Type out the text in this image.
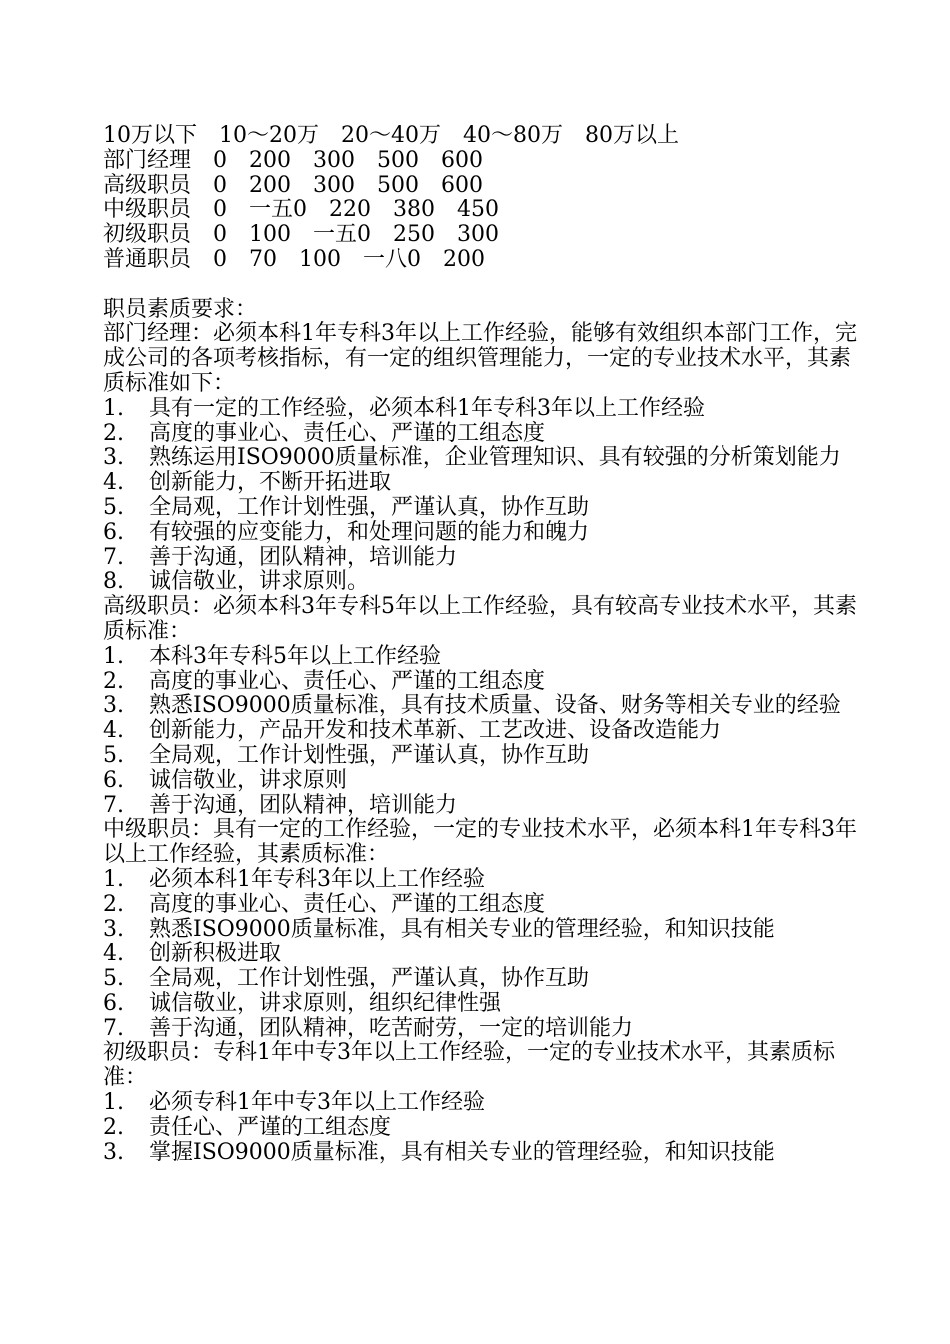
10万以下　10～20万　20～40万　40～80万　80万以上

部门经理　0　200　300　500　600

高级职员　0　200　300　500　600

中级职员　0　一五0　220　380　450

初级职员　0　100　一五0　250　300

普通职员　0　70　100　一八0　200

职员素质要求：

部门经理：必须本科1年专科3年以上工作经验，能够有效组织本部门工作，完成公司的各项考核指标，有一定的组织管理能力，一定的专业技术水平，其素质标准如下：

1.	具有一定的工作经验，必须本科1年专科3年以上工作经验
2.	高度的事业心、责任心、严谨的工组态度
3. 熟练运用ISO9000质量标准，企业管理知识、具有较强的分析策划能力
4.	创新能力，不断开拓进取
5.	全局观，工作计划性强，严谨认真，协作互助
6.	有较强的应变能力，和处理问题的能力和魄力
7.	善于沟通，团队精神，培训能力
8.	诚信敬业，讲求原则。

高级职员：必须本科3年专科5年以上工作经验，具有较高专业技术水平，其素质标准：

1.	本科3年专科5年以上工作经验
2.	高度的事业心、责任心、严谨的工组态度
3. 熟悉ISO9000质量标准，具有技术质量、设备、财务等相关专业的经验
4.	创新能力，产品开发和技术革新、工艺改进、设备改造能力
5.	全局观，工作计划性强，严谨认真，协作互助
6.	诚信敬业，讲求原则
7.	善于沟通，团队精神，培训能力

中级职员：具有一定的工作经验，一定的专业技术水平，必须本科1年专科3年以上工作经验，其素质标准：

1.	必须本科1年专科3年以上工作经验
2.	高度的事业心、责任心、严谨的工组态度
3.	熟悉ISO9000质量标准，具有相关专业的管理经验，和知识技能
4.	创新积极进取
5.	全局观，工作计划性强，严谨认真，协作互助
6.	诚信敬业，讲求原则，组织纪律性强
7.	善于沟通，团队精神，吃苦耐劳，一定的培训能力

初级职员：专科1年中专3年以上工作经验，一定的专业技术水平，其素质标准：

1.	必须专科1年中专3年以上工作经验
2.	责任心、严谨的工组态度
3.	掌握ISO9000质量标准，具有相关专业的管理经验，和知识技能
